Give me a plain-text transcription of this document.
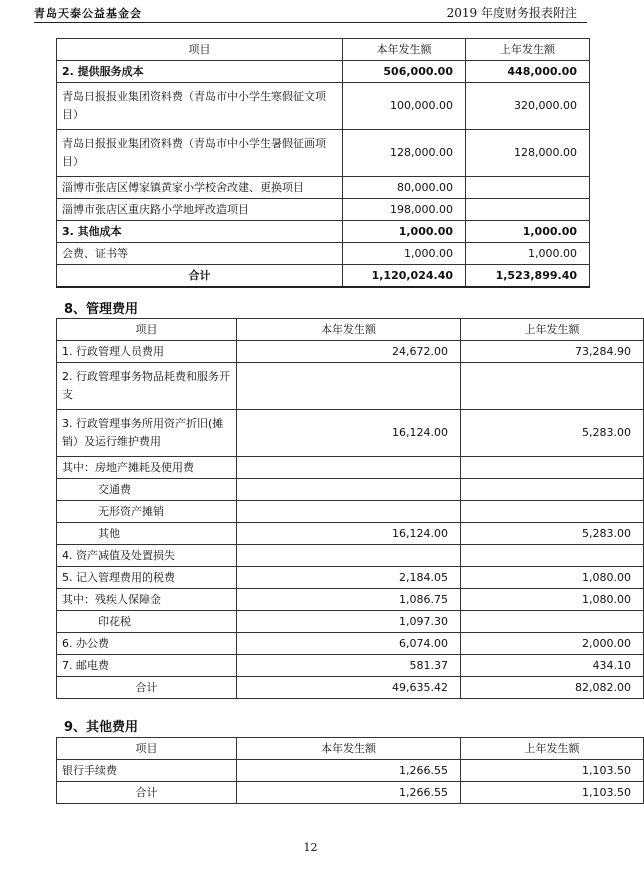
青岛天泰公益基金会	2019 年度财务报表附注
项目	本年发生额	上年发生额
2. 提供服务成本	506,000.00	448,000.00
青岛日报报业集团资料费（青岛市中小学生寒假征文项目）	100,000.00	320,000.00
青岛日报报业集团资料费（青岛市中小学生暑假征画项目）	128,000.00	128,000.00
淄博市张店区傅家镇黄家小学校舍改建、更换项目	80,000.00	
淄博市张店区重庆路小学地坪改造项目	198,000.00	
3. 其他成本	1,000.00	1,000.00
会费、证书等	1,000.00	1,000.00
合计	1,120,024.40	1,523,899.40
8、管理费用
项目	本年发生额	上年发生额
1. 行政管理人员费用	24,672.00	73,284.90
2. 行政管理事务物品耗费和服务开支		
3. 行政管理事务所用资产折旧(摊销）及运行维护费用	16,124.00	5,283.00
其中：房地产摊耗及使用费		
交通费		
无形资产摊销		
其他	16,124.00	5,283.00
4. 资产减值及处置损失		
5. 记入管理费用的税费	2,184.05	1,080.00
其中：残疾人保障金	1,086.75	1,080.00
印花税	1,097.30	
6. 办公费	6,074.00	2,000.00
7. 邮电费	581.37	434.10
合计	49,635.42	82,082.00
9、其他费用
项目	本年发生额	上年发生额
银行手续费	1,266.55	1,103.50
合计	1,266.55	1,103.50
12
